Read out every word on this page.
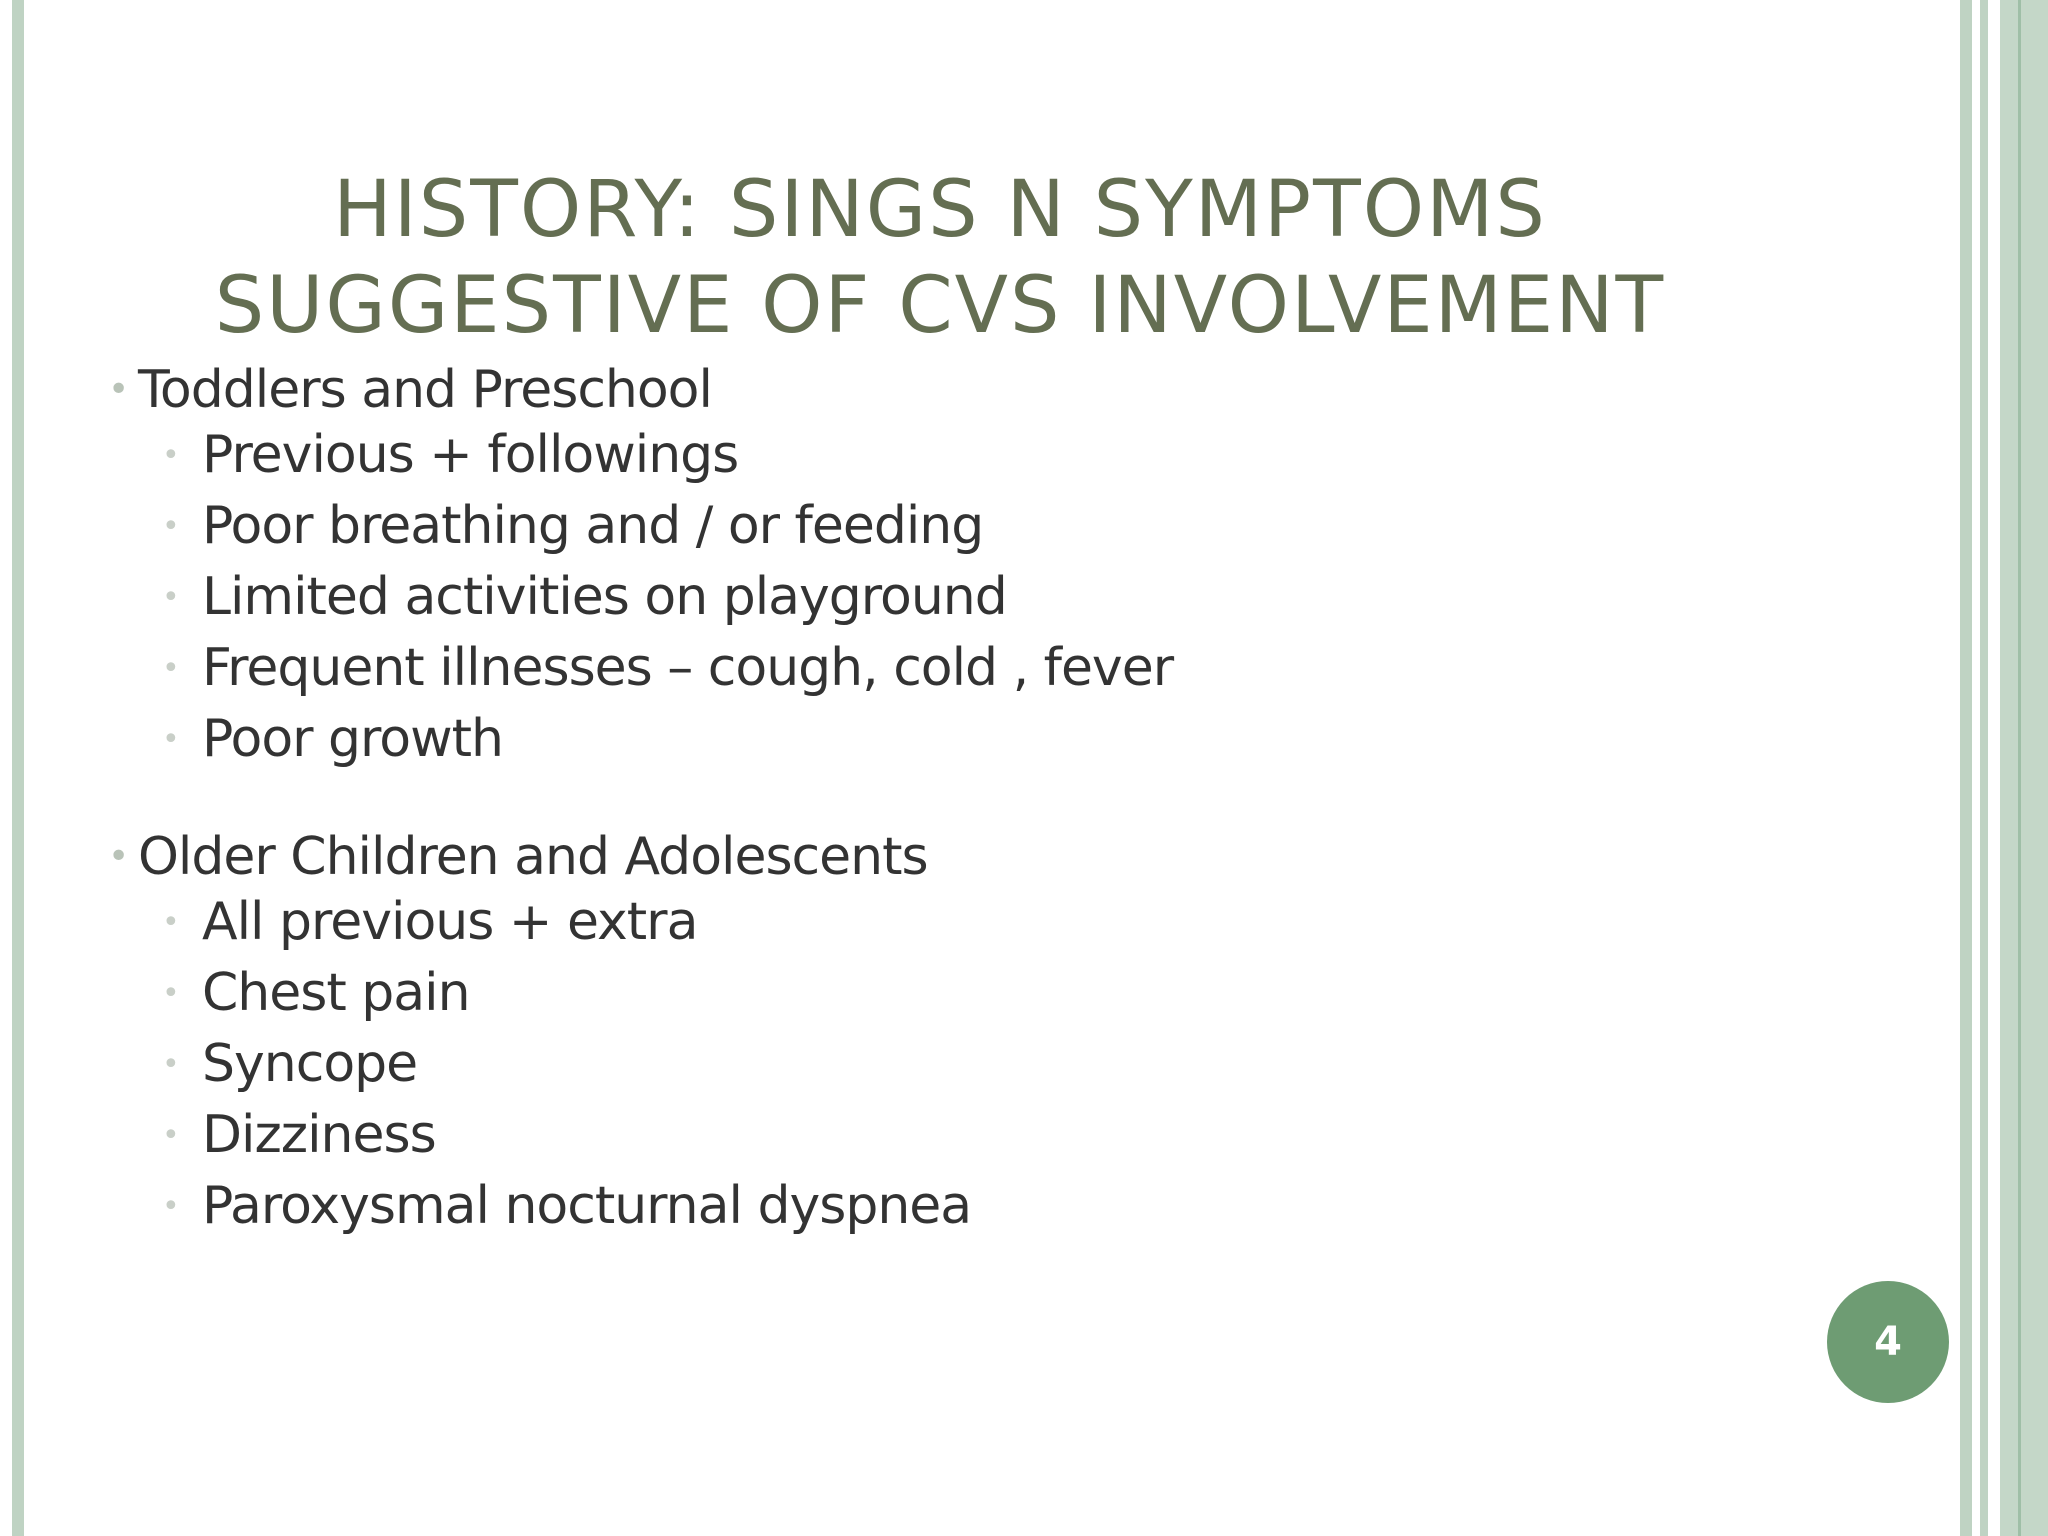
HISTORY: SINGS N SYMPTOMS
SUGGESTIVE OF CVS INVOLVEMENT
• Toddlers and Preschool
• Previous + followings
• Poor breathing and / or feeding
• Limited activities on playground
• Frequent illnesses – cough, cold , fever
• Poor growth
• Older Children and Adolescents
• All previous + extra
• Chest pain
• Syncope
• Dizziness
• Paroxysmal nocturnal dyspnea
4
